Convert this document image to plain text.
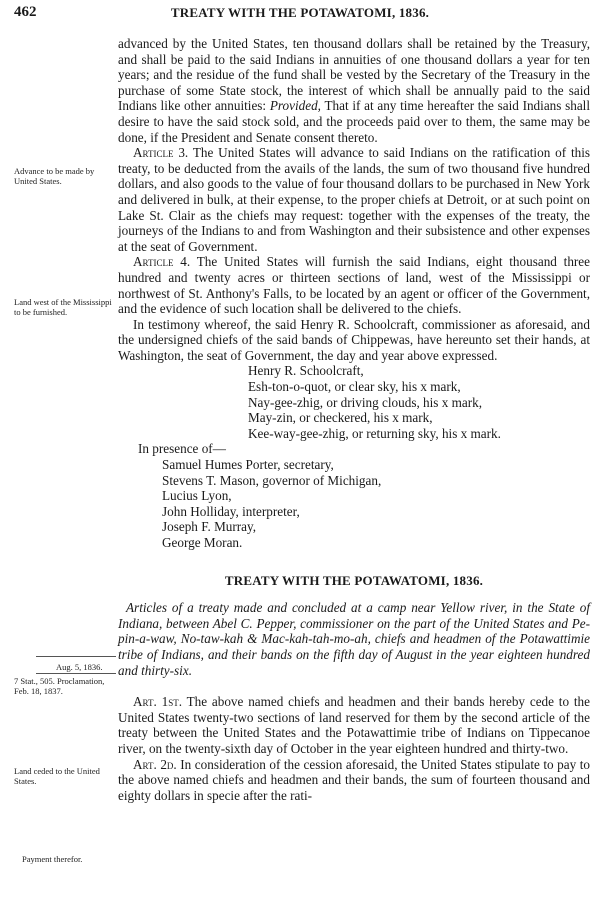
462	TREATY WITH THE POTAWATOMI, 1836.
Advance to be made by United States.
Land west of the Mississippi to be furnished.
Aug. 5, 1836.
7 Stat., 505. Proclamation, Feb. 18, 1837.
Land ceded to the United States.
Payment therefor.

advanced by the United States, ten thousand dollars shall be retained by the Treasury, and shall be paid to the said Indians in annuities of one thousand dollars a year for ten years; and the residue of the fund shall be vested by the Secretary of the Treasury in the purchase of some State stock, the interest of which shall be annually paid to the said Indians like other annuities: Provided, That if at any time hereafter the said Indians shall desire to have the said stock sold, and the proceeds paid over to them, the same may be done, if the President and Senate consent thereto.

Article 3. The United States will advance to said Indians on the ratification of this treaty, to be deducted from the avails of the lands, the sum of two thousand five hundred dollars, and also goods to the value of four thousand dollars to be purchased in New York and delivered in bulk, at their expense, to the proper chiefs at Detroit, or at such point on Lake St. Clair as the chiefs may request: together with the expenses of the treaty, the journeys of the Indians to and from Washington and their subsistence and other expenses at the seat of Government.

Article 4. The United States will furnish the said Indians, eight thousand three hundred and twenty acres or thirteen sections of land, west of the Mississippi or northwest of St. Anthony's Falls, to be located by an agent or officer of the Government, and the evidence of such location shall be delivered to the chiefs.

In testimony whereof, the said Henry R. Schoolcraft, commissioner as aforesaid, and the undersigned chiefs of the said bands of Chippewas, have hereunto set their hands, at Washington, the seat of Government, the day and year above expressed.

Henry R. Schoolcraft,
Esh-ton-o-quot, or clear sky, his x mark,
Nay-gee-zhig, or driving clouds, his x mark,
May-zin, or checkered, his x mark,
Kee-way-gee-zhig, or returning sky, his x mark.
In presence of—
Samuel Humes Porter, secretary,
Stevens T. Mason, governor of Michigan,
Lucius Lyon,
John Holliday, interpreter,
Joseph F. Murray,
George Moran.
TREATY WITH THE POTAWATOMI, 1836.

Articles of a treaty made and concluded at a camp near Yellow river, in the State of Indiana, between Abel C. Pepper, commissioner on the part of the United States and Pe-pin-a-waw, No-taw-kah & Mac-kah-tah-mo-ah, chiefs and headmen of the Potawattimie tribe of Indians, and their bands on the fifth day of August in the year eighteen hundred and thirty-six.

Art. 1st. The above named chiefs and headmen and their bands hereby cede to the United States twenty-two sections of land reserved for them by the second article of the treaty between the United States and the Potawattimie tribe of Indians on Tippecanoe river, on the twenty-sixth day of October in the year eighteen hundred and thirty-two.

Art. 2d. In consideration of the cession aforesaid, the United States stipulate to pay to the above named chiefs and headmen and their bands, the sum of fourteen thousand and eighty dollars in specie after the rati-
